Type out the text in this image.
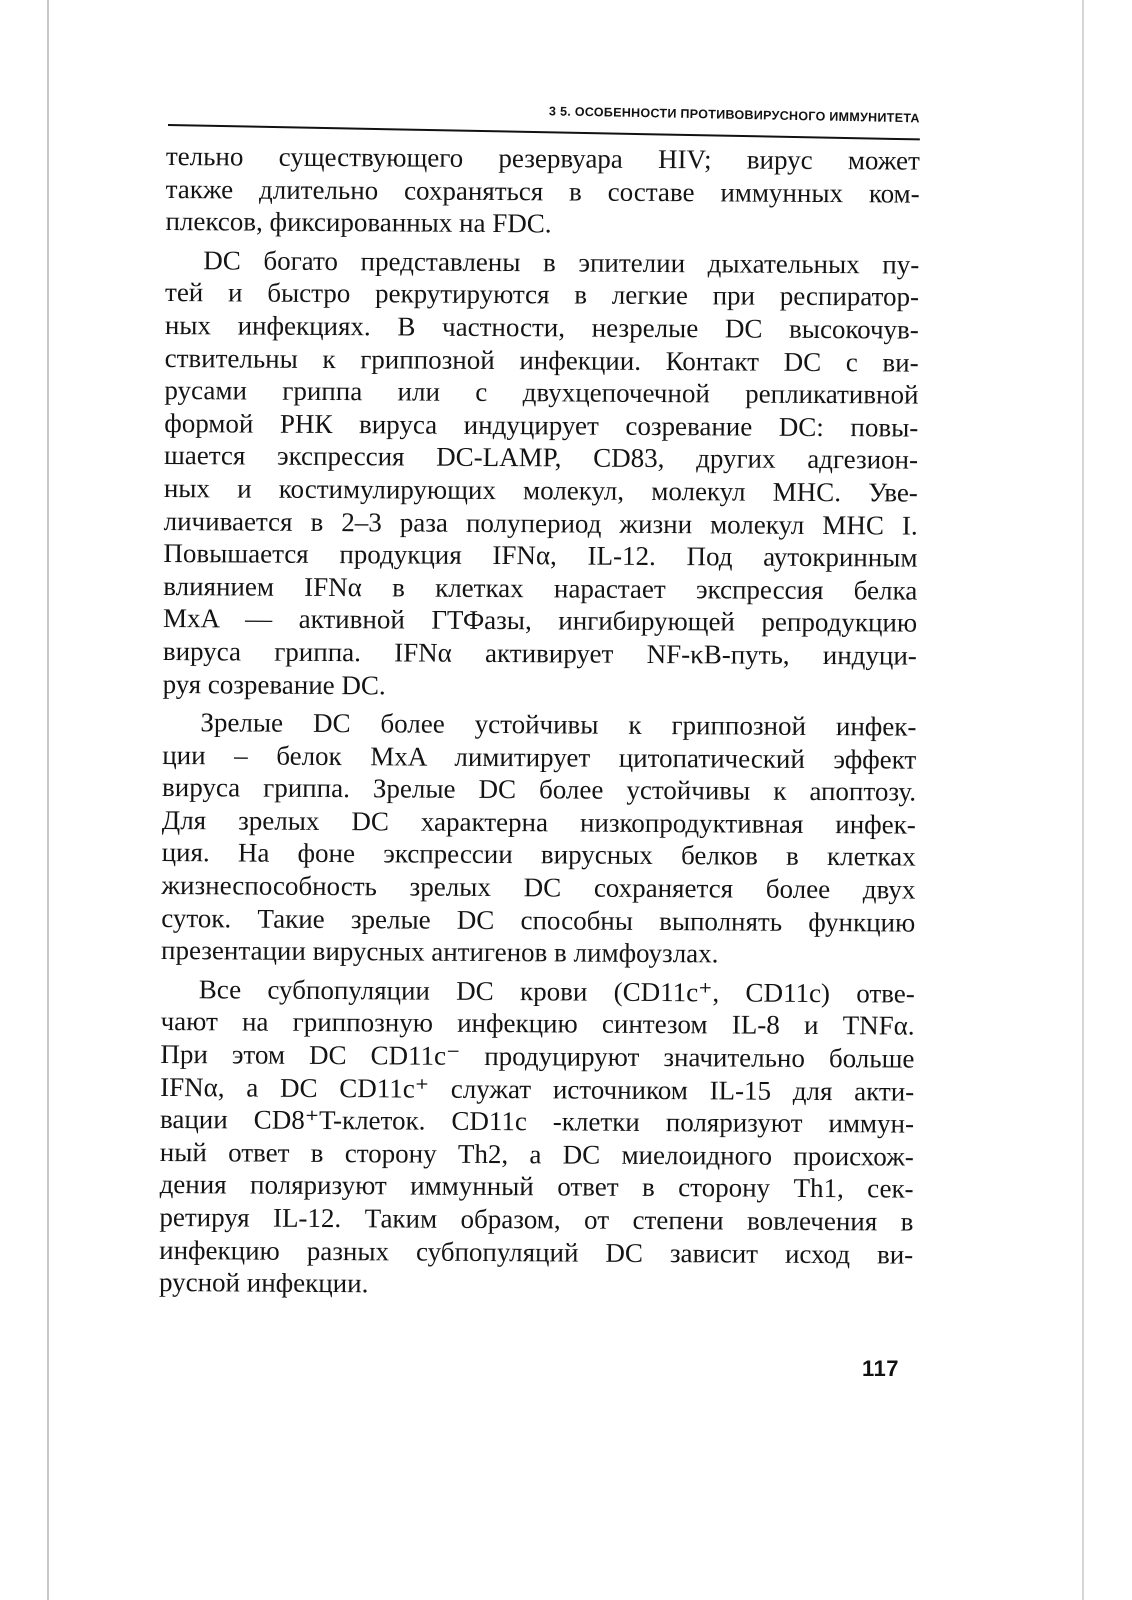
3 5. ОСОБЕННОСТИ ПРОТИВОВИРУСНОГО ИММУНИТЕТА

тельно существующего резервуара HIV; вирус может
также длительно сохраняться в составе иммунных ком-
плексов, фиксированных на FDC.

DC богато представлены в эпителии дыхательных пу-
тей и быстро рекрутируются в легкие при респиратор-
ных инфекциях. В частности, незрелые DC высокочув-
ствительны к гриппозной инфекции. Контакт DC с ви-
русами гриппа или с двухцепочечной репликативной
формой РНК вируса индуцирует созревание DC: повы-
шается экспрессия DC-LAMP, CD83, других адгезион-
ных и костимулирующих молекул, молекул MHC. Уве-
личивается в 2–3 раза полупериод жизни молекул MHC I.
Повышается продукция IFNα, IL-12. Под аутокринным
влиянием IFNα в клетках нарастает экспрессия белка
MxA — активной ГТФазы, ингибирующей репродукцию
вируса гриппа. IFNα активирует NF-κB-путь, индуци-
руя созревание DC.

Зрелые DC более устойчивы к гриппозной инфек-
ции – белок MxA лимитирует цитопатический эффект
вируса гриппа. Зрелые DC более устойчивы к апоптозу.
Для зрелых DC характерна низкопродуктивная инфек-
ция. На фоне экспрессии вирусных белков в клетках
жизнеспособность зрелых DC сохраняется более двух
суток. Такие зрелые DC способны выполнять функцию
презентации вирусных антигенов в лимфоузлах.

Все субпопуляции DC крови (CD11c⁺, CD11c) отве-
чают на гриппозную инфекцию синтезом IL-8 и TNFα.
При этом DC CD11c⁻ продуцируют значительно больше
IFNα, а DC CD11c⁺ служат источником IL-15 для акти-
вации CD8⁺T-клеток. CD11c -клетки поляризуют иммун-
ный ответ в сторону Th2, а DC миелоидного происхож-
дения поляризуют иммунный ответ в сторону Th1, сек-
ретируя IL-12. Таким образом, от степени вовлечения в
инфекцию разных субпопуляций DC зависит исход ви-
русной инфекции.

117
